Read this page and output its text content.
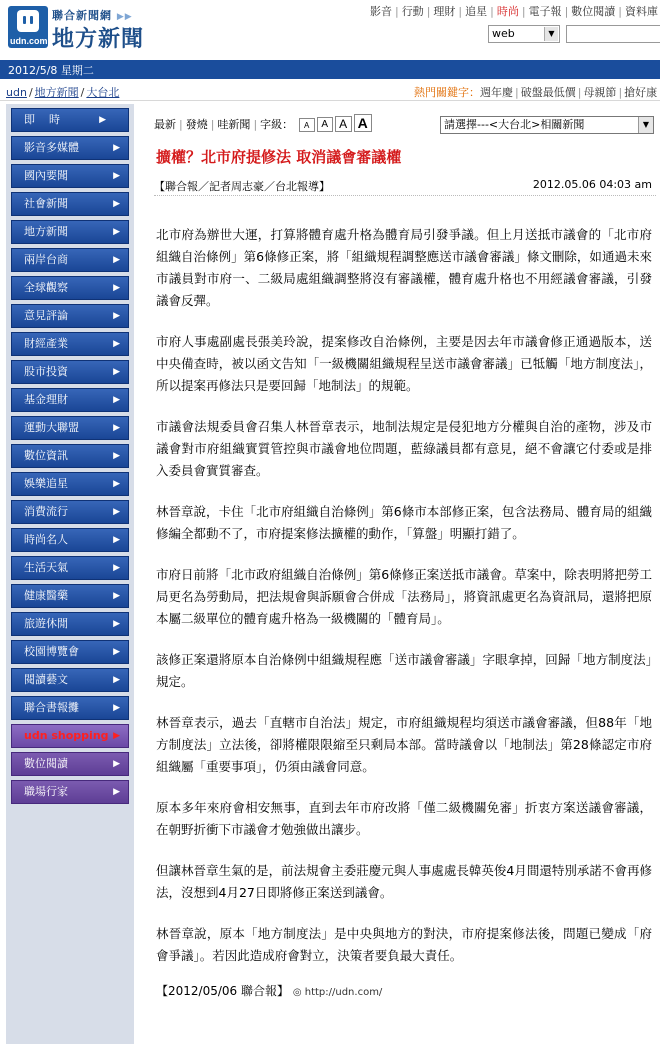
udn.com
聯合新聞網 ▶▶
地方新聞
影音 | 行動 | 理財 | 追星 | 時尚 | 電子報 | 數位閱讀 | 資料庫
web	▼
2012/5/8 星期二
udn / 地方新聞 / 大台北	熱門關鍵字：週年慶 | 破盤最低價 | 母親節 | 搶好康
即時	▶
影音多媒體	▶
國內要聞	▶
社會新聞	▶
地方新聞	▶
兩岸台商	▶
全球觀察	▶
意見評論	▶
財經產業	▶
股市投資	▶
基金理財	▶
運動大聯盟	▶
數位資訊	▶
娛樂追星	▶
消費流行	▶
時尚名人	▶
生活天氣	▶
健康醫藥	▶
旅遊休閒	▶
校園博覽會	▶
閱讀藝文	▶
聯合書報攤	▶
udn shopping ▶
數位閱讀	▶
職場行家	▶
最新 | 發燒 | 哇新聞 | 字級： A A A A	請選擇---<大台北>相關新聞	▼
擴權？北市府提修法 取消議會審議權
【聯合報／記者周志豪／台北報導】	2012.05.06 04:03 am

北市府為辦世大運，打算將體育處升格為體育局引發爭議。但上月送抵市議會的「北市府組織自治條例」第6條修正案，將「組織規程調整應送市議會審議」條文刪除，如通過未來市議員對市府一、二級局處組織調整將沒有審議權，體育處升格也不用經議會審議，引發議會反彈。

市府人事處副處長張美玲說，提案修改自治條例，主要是因去年市議會修正通過版本，送中央備查時，被以函文告知「一級機關組織規程呈送市議會審議」已牴觸「地方制度法」，所以提案再修法只是要回歸「地制法」的規範。

市議會法規委員會召集人林晉章表示，地制法規定是侵犯地方分權與自治的產物，涉及市議會對市府組織實質管控與市議會地位問題，藍綠議員都有意見，絕不會讓它付委或是排入委員會實質審查。

林晉章說，卡住「北市府組織自治條例」第6條市本部修正案，包含法務局、體育局的組織修編全都動不了，市府提案修法擴權的動作，「算盤」明顯打錯了。

市府日前將「北市政府組織自治條例」第6條修正案送抵市議會。草案中，除表明將把勞工局更名為勞動局，把法規會與訴願會合併成「法務局」，將資訊處更名為資訊局，還將把原本屬二級單位的體育處升格為一級機關的「體育局」。

該修正案還將原本自治條例中組織規程應「送市議會審議」字眼拿掉，回歸「地方制度法」規定。

林晉章表示，過去「直轄市自治法」規定，市府組織規程均須送市議會審議，但88年「地方制度法」立法後，卻將權限限縮至只剩局本部。當時議會以「地制法」第28條認定市府組織屬「重要事項」，仍須由議會同意。

原本多年來府會相安無事，直到去年市府改將「僅二級機關免審」折衷方案送議會審議，在朝野折衝下市議會才勉強做出讓步。

但讓林晉章生氣的是，前法規會主委莊慶元與人事處處長韓英俊4月間還特別承諾不會再修法，沒想到4月27日即將修正案送到議會。

林晉章說，原本「地方制度法」是中央與地方的對決，市府提案修法後，問題已變成「府會爭議」。若因此造成府會對立，決策者要負最大責任。

【2012/05/06 聯合報】 ◎ http://udn.com/
